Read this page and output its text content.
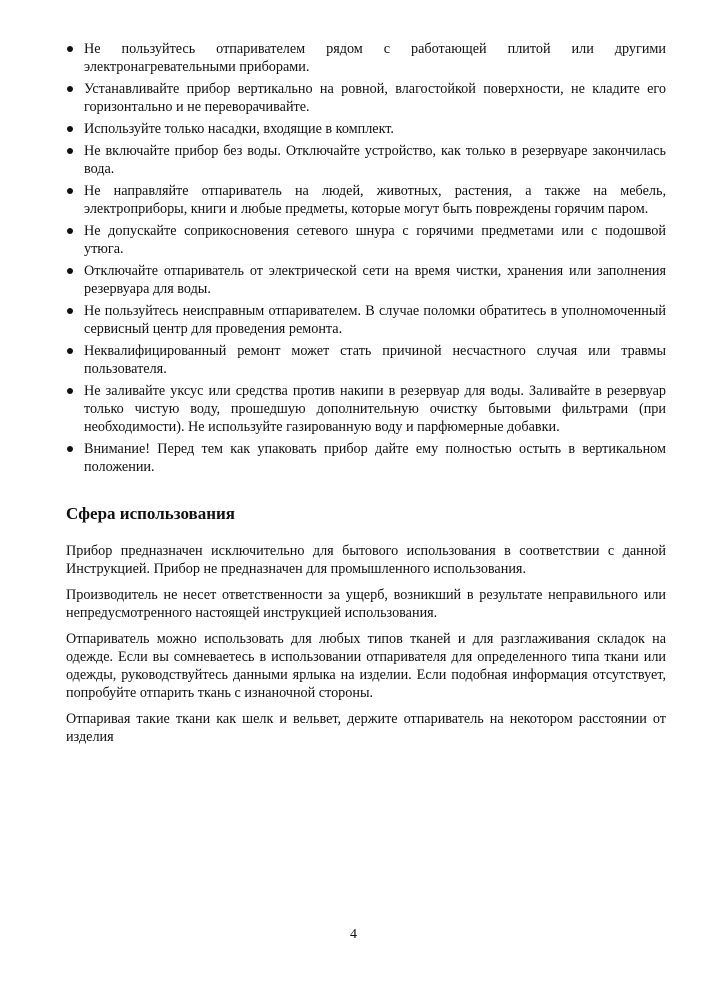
Не пользуйтесь отпаривателем рядом с работающей плитой или другими электронагревательными приборами.
Устанавливайте прибор вертикально на ровной, влагостойкой поверхности, не кладите его горизонтально и не переворачивайте.
Используйте только насадки, входящие в комплект.
Не включайте прибор без воды. Отключайте устройство, как только в резервуаре закончилась вода.
Не направляйте отпариватель на людей, животных, растения, а также на мебель, электроприборы, книги и любые предметы, которые могут быть повреждены горячим паром.
Не допускайте соприкосновения сетевого шнура с горячими предметами или с подошвой утюга.
Отключайте отпариватель от электрической сети на время чистки, хранения или заполнения резервуара для воды.
Не пользуйтесь неисправным отпаривателем. В случае поломки обратитесь в уполномоченный сервисный центр для проведения ремонта.
Неквалифицированный ремонт может стать причиной несчастного случая или травмы пользователя.
Не заливайте уксус или средства против накипи в резервуар для воды. Заливайте в резервуар только чистую воду, прошедшую дополнительную очистку бытовыми фильтрами (при необходимости). Не используйте газированную воду и парфюмерные добавки.
Внимание! Перед тем как упаковать прибор дайте ему полностью остыть в вертикальном положении.
Сфера использования

Прибор предназначен исключительно для бытового использования в соответствии с данной Инструкцией. Прибор не предназначен для промышленного использования.

Производитель не несет ответственности за ущерб, возникший в результате неправильного или непредусмотренного настоящей инструкцией использования.

Отпариватель можно использовать для любых типов тканей и для разглаживания складок на одежде. Если вы сомневаетесь в использовании отпаривателя для определенного типа ткани или одежды, руководствуйтесь данными ярлыка на изделии. Если подобная информация отсутствует, попробуйте отпарить ткань с изнаночной стороны.

Отпаривая такие ткани как шелк и вельвет, держите отпариватель на некотором расстоянии от изделия

4
